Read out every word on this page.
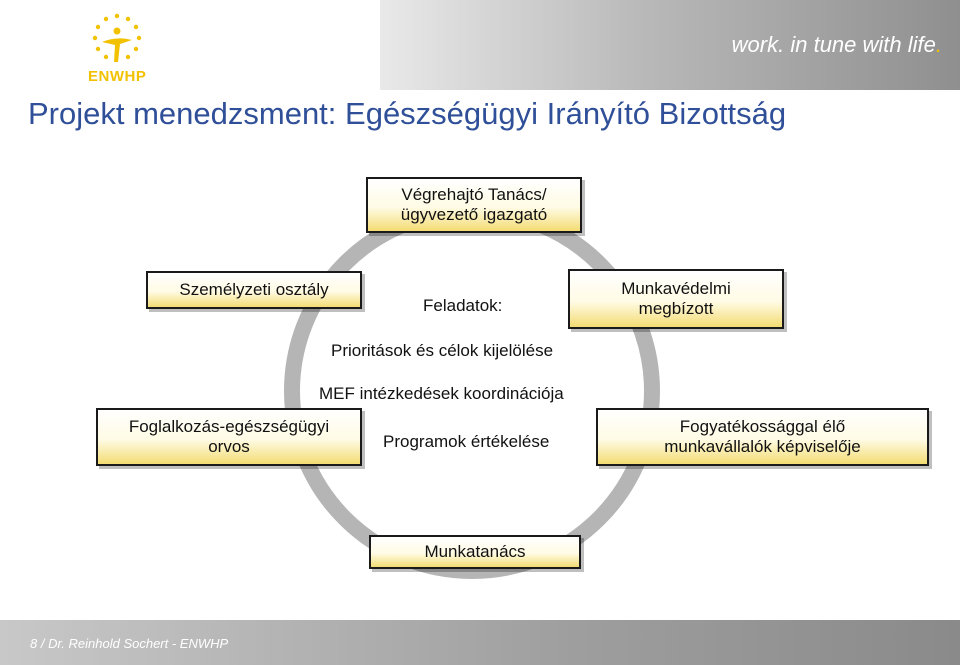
work. in tune with life.
ENWHP
Projekt menedzsment: Egészségügyi Irányító Bizottság
Végrehajtó Tanács/
ügyvezető igazgató
Személyzeti osztály	Munkavédelmi
megbízott
Foglalkozás-egészségügyi
orvos
Fogyatékossággal élő
munkavállalók képviselője
Munkatanács
Feladatok:
Prioritások és célok kijelölése
MEF intézkedések koordinációja
Programok értékelése
8 / Dr. Reinhold Sochert - ENWHP
